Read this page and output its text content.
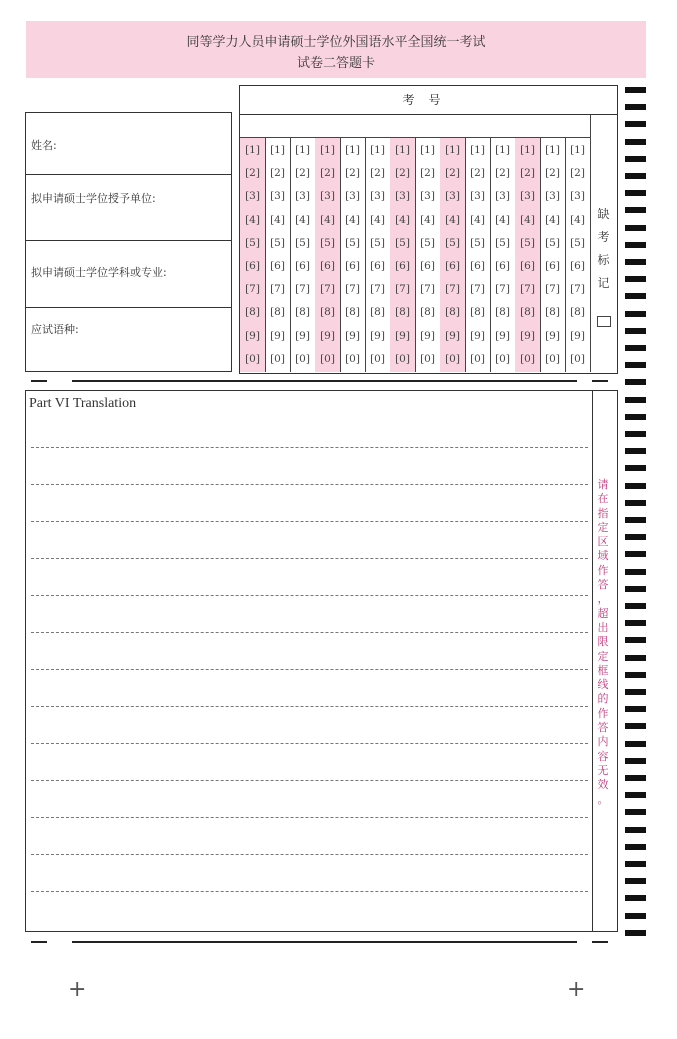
同等学力人员申请硕士学位外国语水平全国统一考试
试卷二答题卡
姓名:
拟申请硕士学位授予单位:
拟申请硕士学位学科或专业:
应试语种:
考号
[1]
[2]
[3]
[4]
[5]
[6]
[7]
[8]
[9]
[0]
[1]
[2]
[3]
[4]
[5]
[6]
[7]
[8]
[9]
[0]
[1]
[2]
[3]
[4]
[5]
[6]
[7]
[8]
[9]
[0]
[1]
[2]
[3]
[4]
[5]
[6]
[7]
[8]
[9]
[0]
[1]
[2]
[3]
[4]
[5]
[6]
[7]
[8]
[9]
[0]
[1]
[2]
[3]
[4]
[5]
[6]
[7]
[8]
[9]
[0]
[1]
[2]
[3]
[4]
[5]
[6]
[7]
[8]
[9]
[0]
[1]
[2]
[3]
[4]
[5]
[6]
[7]
[8]
[9]
[0]
[1]
[2]
[3]
[4]
[5]
[6]
[7]
[8]
[9]
[0]
[1]
[2]
[3]
[4]
[5]
[6]
[7]
[8]
[9]
[0]
[1]
[2]
[3]
[4]
[5]
[6]
[7]
[8]
[9]
[0]
[1]
[2]
[3]
[4]
[5]
[6]
[7]
[8]
[9]
[0]
[1]
[2]
[3]
[4]
[5]
[6]
[7]
[8]
[9]
[0]
[1]
[2]
[3]
[4]
[5]
[6]
[7]
[8]
[9]
[0]
缺
考
标
记
Part VI Translation
请
在
指
定
区
域
作
答
，
超
出
限
定
框
线
的
作
答
内
容
无
效
。
+	+
